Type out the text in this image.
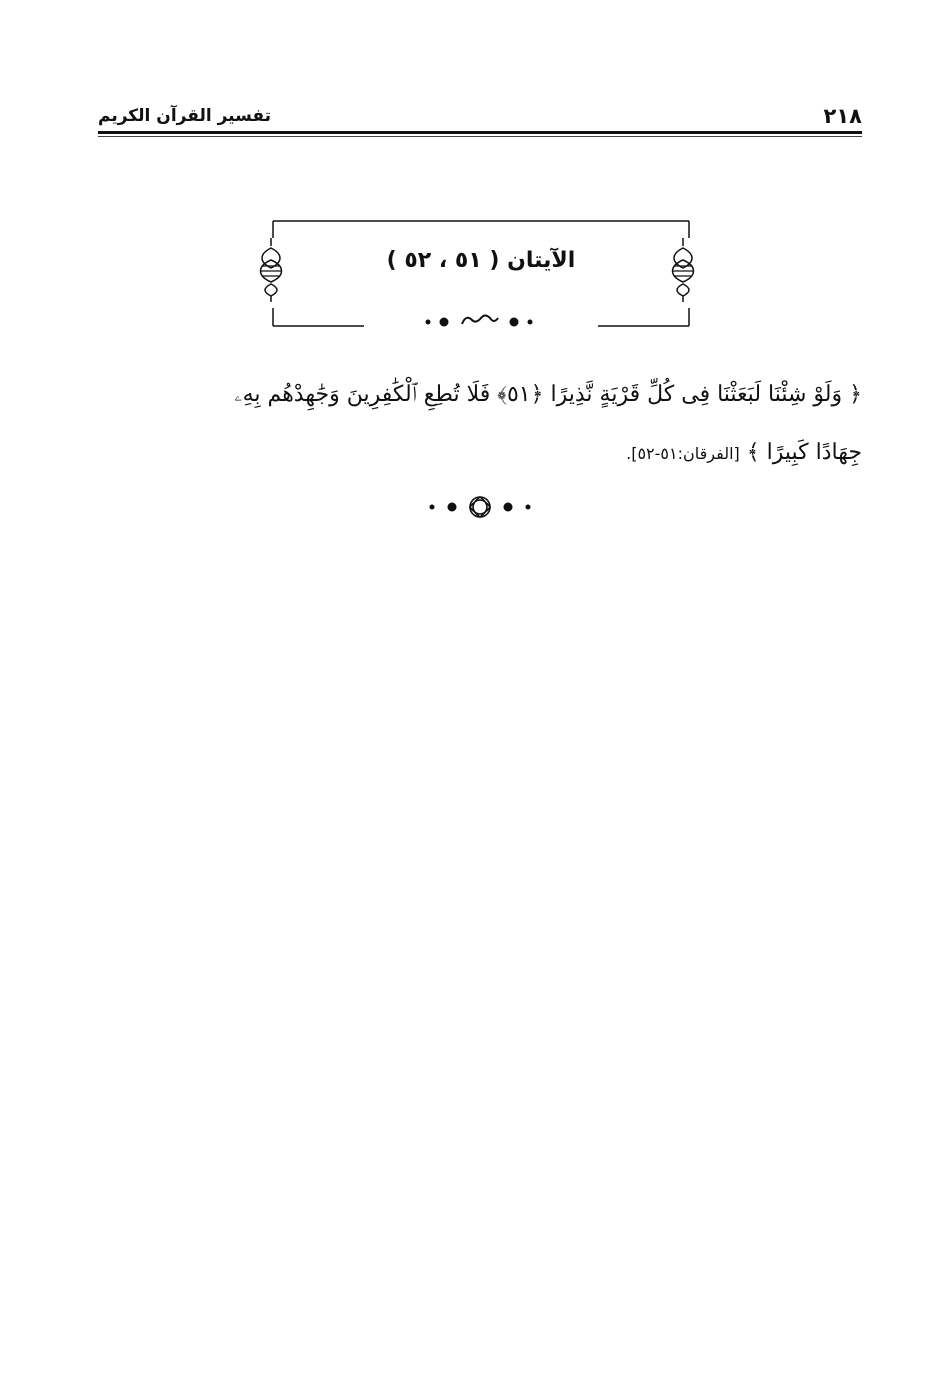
٢١٨
تفسير القرآن الكريم
الآيتان ( ٥١ ، ٥٢ )
﴿ وَلَوْ شِئْنَا لَبَعَثْنَا فِى كُلِّ قَرْيَةٍ نَّذِيرًا ﴿٥١﴾ فَلَا تُطِعِ ٱلْكَٰفِرِينَ وَجَٰهِدْهُم بِهِۦ
جِهَادًا كَبِيرًا ﴾ [الفرقان:٥١-٥٢].
